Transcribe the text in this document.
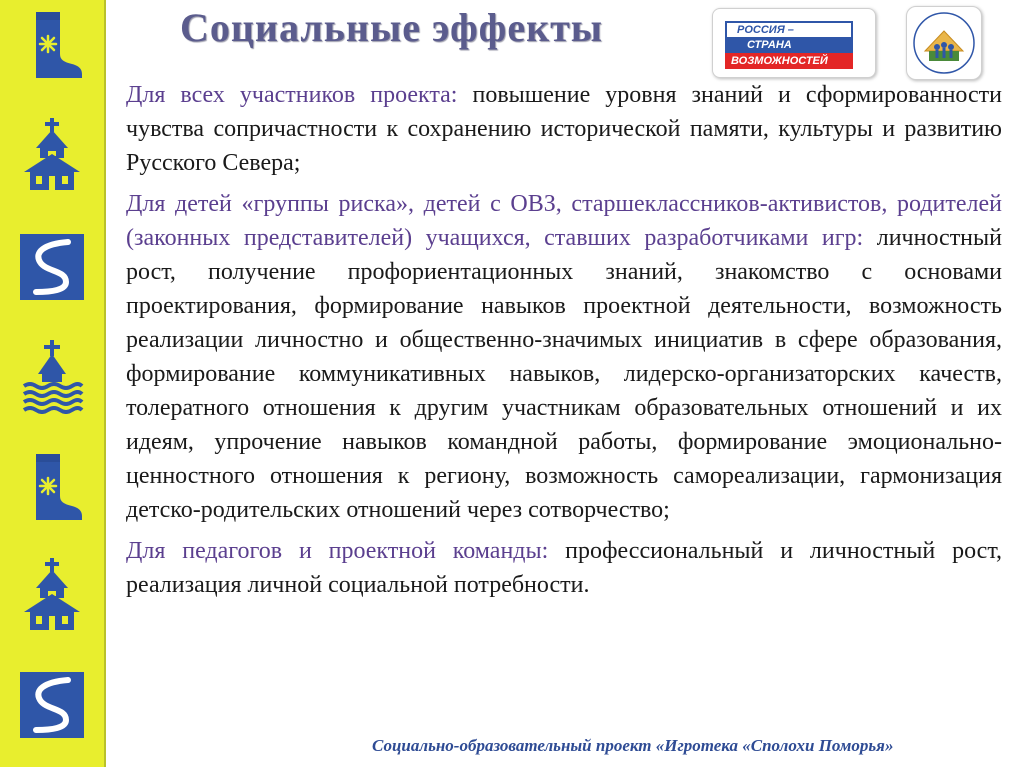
Социальные эффекты	РОССИЯ –
СТРАНА
ВОЗМОЖНОСТЕЙ

Для всех участников проекта: повышение уровня знаний и сформированности чувства сопричастности к сохранению исторической памяти, культуры и развитию Русского Севера;

Для детей «группы риска», детей с ОВЗ, старшеклассников-активистов, родителей (законных представителей) учащихся, ставших разработчиками игр: личностный рост, получение профориентационных знаний, знакомство с основами проектирования, формирование навыков проектной деятельности, возможность реализации личностно и общественно-значимых инициатив в сфере образования, формирование коммуникативных навыков, лидерско-организаторских качеств, толератного отношения к другим участникам образовательных отношений и их идеям, упрочение навыков командной работы, формирование эмоционально-ценностного отношения к региону, возможность самореализации, гармонизация детско-родительских отношений через сотворчество;

Для педагогов и проектной команды: профессиональный и личностный рост, реализация личной социальной потребности.

Социально-образовательный проект «Игротека «Сполохи Поморья»
